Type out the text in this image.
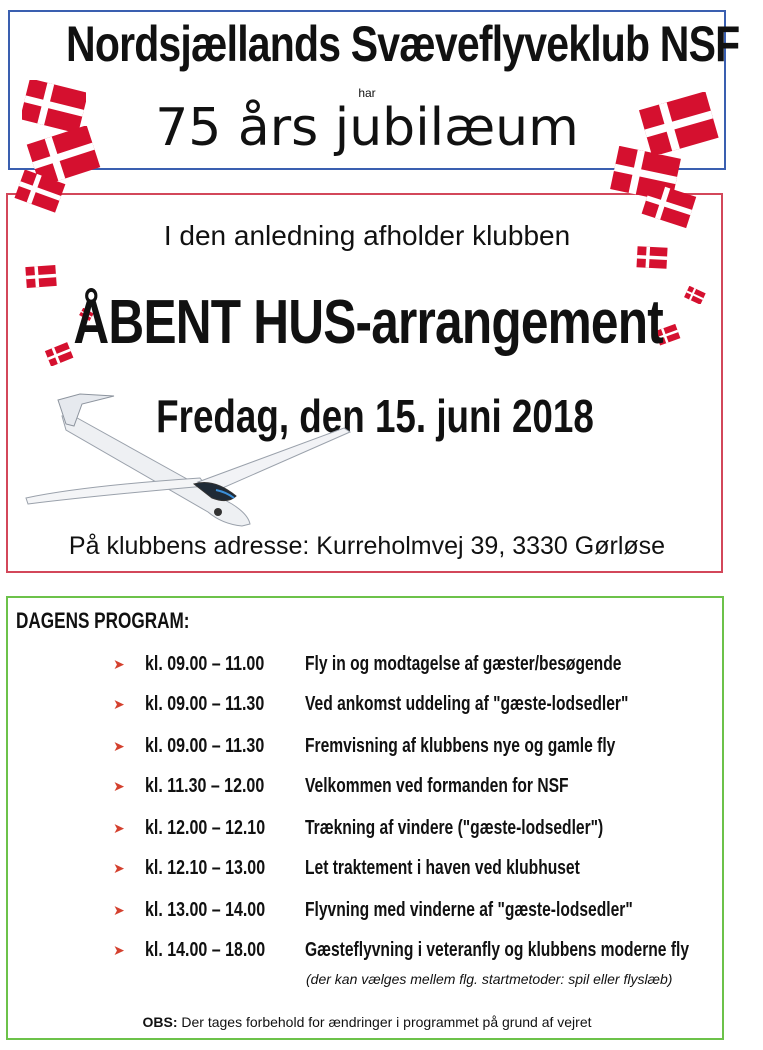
Nordsjællands Svæveflyveklub NSF
har
75 års jubilæum
I den anledning afholder klubben
ÅBENT HUS-arrangement
Fredag, den 15. juni 2018
På klubbens adresse: Kurreholmvej 39, 3330 Gørløse
DAGENS PROGRAM:
➤ kl. 09.00 – 11.00 Fly in og modtagelse af gæster/besøgende
➤ kl. 09.00 – 11.30 Ved ankomst uddeling af "gæste-lodsedler"
➤ kl. 09.00 – 11.30 Fremvisning af klubbens nye og gamle fly
➤ kl. 11.30 – 12.00 Velkommen ved formanden for NSF
➤ kl. 12.00 – 12.10 Trækning af vindere ("gæste-lodsedler")
➤ kl. 12.10 – 13.00 Let traktement i haven ved klubhuset
➤ kl. 13.00 – 14.00 Flyvning med vinderne af "gæste-lodsedler"
➤ kl. 14.00 – 18.00 Gæsteflyvning i veteranfly og klubbens moderne fly
(der kan vælges mellem flg. startmetoder: spil eller flyslæb)
OBS: Der tages forbehold for ændringer i programmet på grund af vejret
